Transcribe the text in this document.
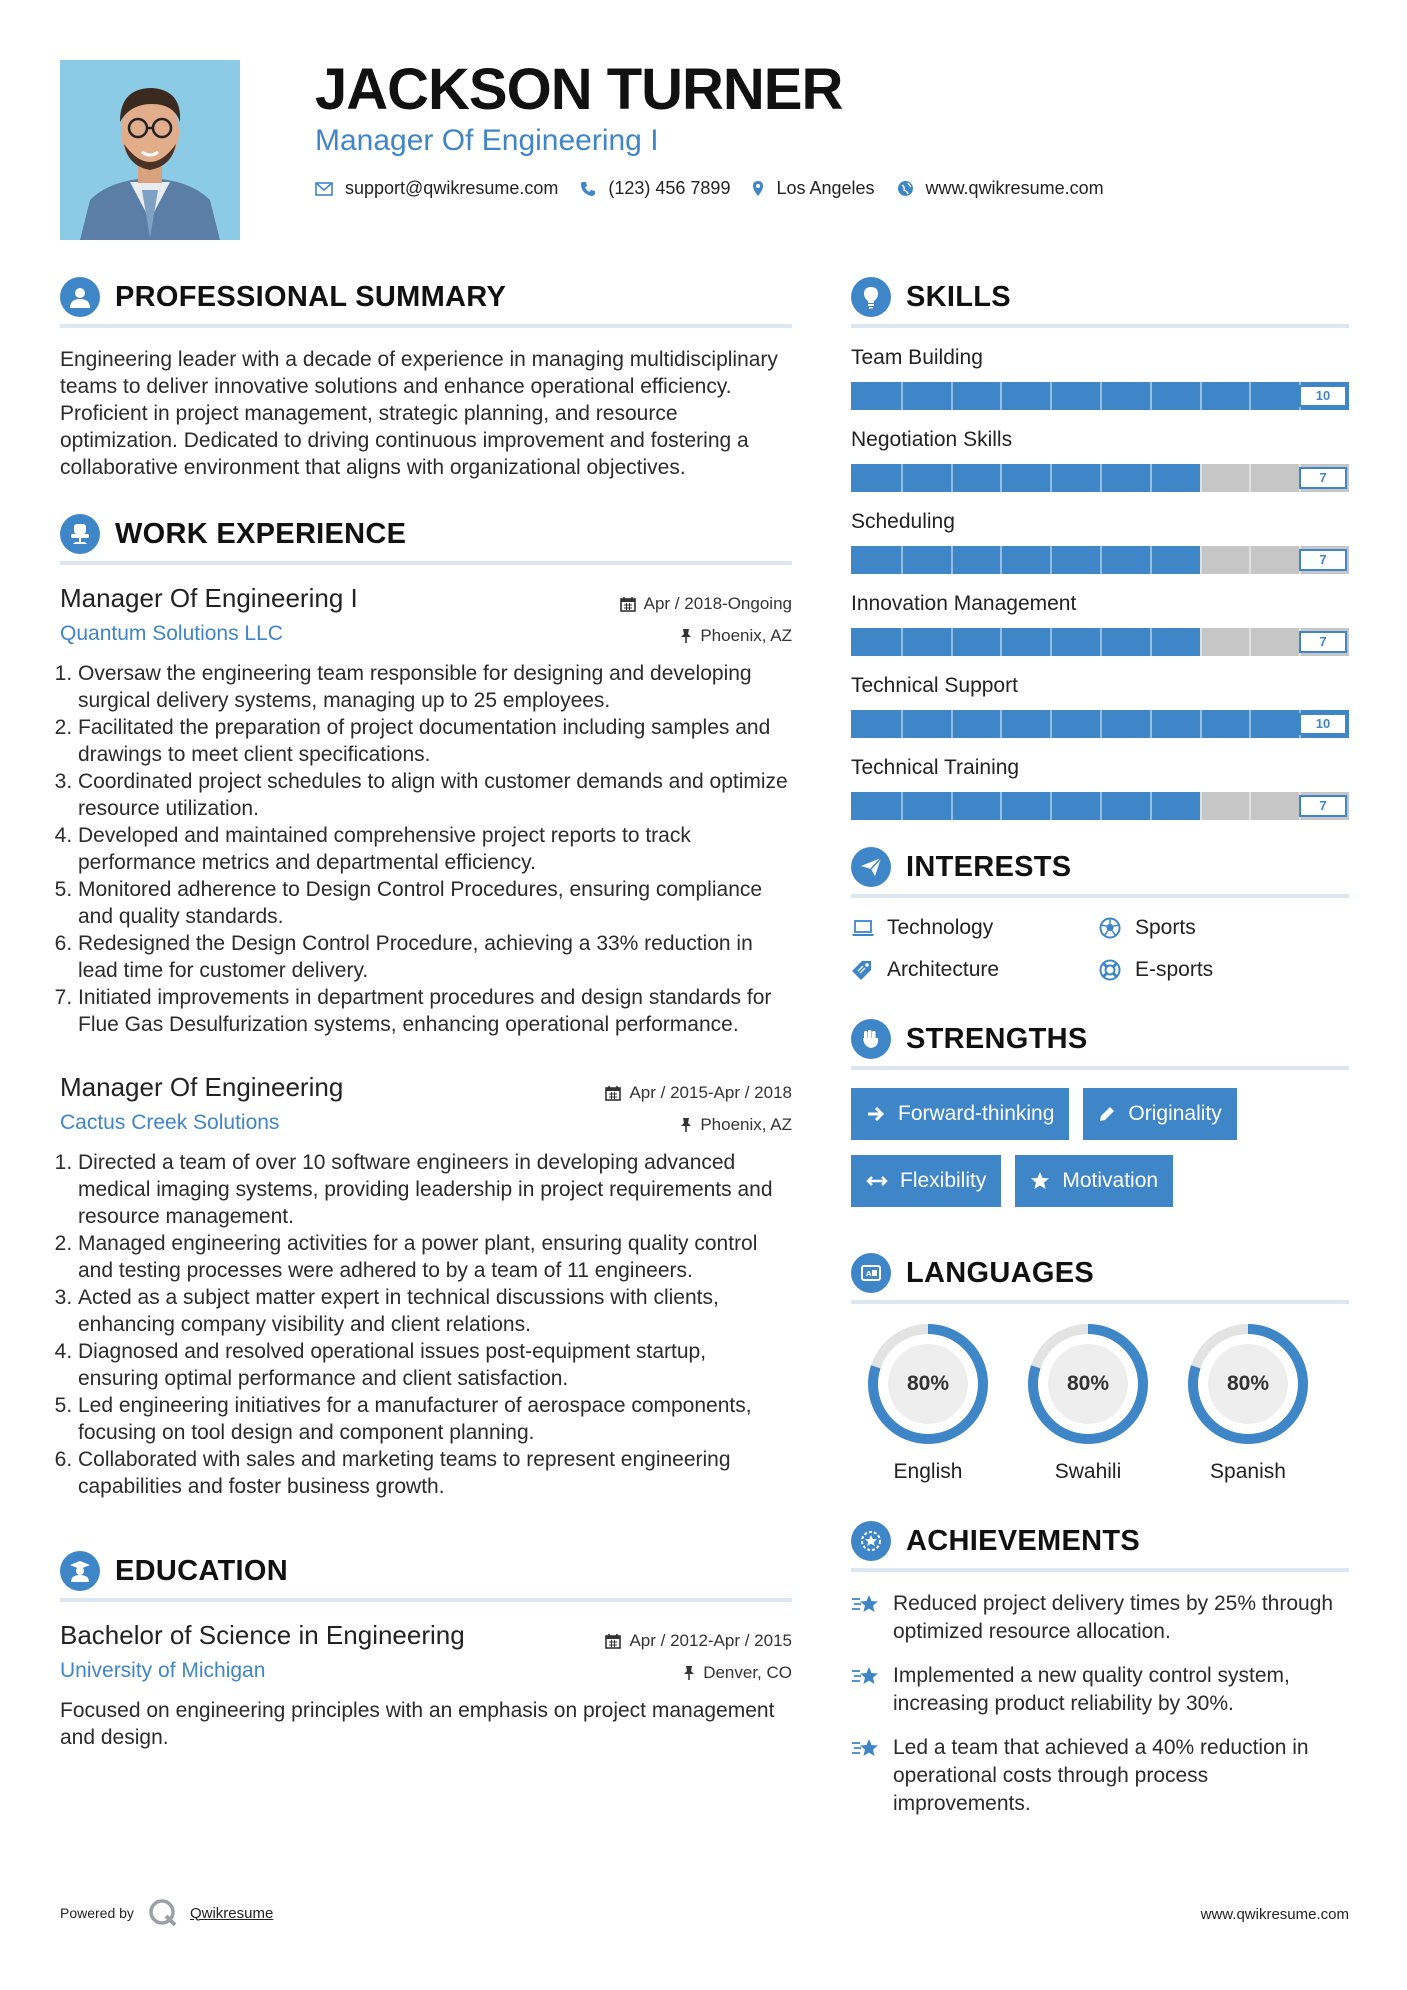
JACKSON TURNER
Manager Of Engineering I
support@qwikresume.com	(123) 456 7899	Los Angeles	www.qwikresume.com
PROFESSIONAL SUMMARY

Engineering leader with a decade of experience in managing multidisciplinary teams to deliver innovative solutions and enhance operational efficiency. Proficient in project management, strategic planning, and resource optimization. Dedicated to driving continuous improvement and fostering a collaborative environment that aligns with organizational objectives.

WORK EXPERIENCE
Manager Of Engineering I	Apr / 2018-Ongoing
Quantum Solutions LLC	Phoenix, AZ
1. Oversaw the engineering team responsible for designing and developing surgical delivery systems, managing up to 25 employees.
2. Facilitated the preparation of project documentation including samples and drawings to meet client specifications.
3. Coordinated project schedules to align with customer demands and optimize resource utilization.
4. Developed and maintained comprehensive project reports to track performance metrics and departmental efficiency.
5. Monitored adherence to Design Control Procedures, ensuring compliance and quality standards.
6. Redesigned the Design Control Procedure, achieving a 33% reduction in lead time for customer delivery.
7. Initiated improvements in department procedures and design standards for Flue Gas Desulfurization systems, enhancing operational performance.
Manager Of Engineering	Apr / 2015-Apr / 2018
Cactus Creek Solutions	Phoenix, AZ
1. Directed a team of over 10 software engineers in developing advanced medical imaging systems, providing leadership in project requirements and resource management.
2. Managed engineering activities for a power plant, ensuring quality control and testing processes were adhered to by a team of 11 engineers.
3. Acted as a subject matter expert in technical discussions with clients, enhancing company visibility and client relations.
4. Diagnosed and resolved operational issues post-equipment startup, ensuring optimal performance and client satisfaction.
5. Led engineering initiatives for a manufacturer of aerospace components, focusing on tool design and component planning.
6. Collaborated with sales and marketing teams to represent engineering capabilities and foster business growth.
EDUCATION
Bachelor of Science in Engineering	Apr / 2012-Apr / 2015
University of Michigan	Denver, CO
Focused on engineering principles with an emphasis on project management and design.
SKILLS
Team Building
10
Negotiation Skills
7
Scheduling
7
Innovation Management
7
Technical Support
10
Technical Training
7
INTERESTS
Technology	Sports
Architecture	E-sports
STRENGTHS
Forward-thinking	Originality
Flexibility	Motivation
A LANGUAGES
80%
English
80%
Swahili
80%
Spanish
ACHIEVEMENTS
Reduced project delivery times by 25% through optimized resource allocation.
Implemented a new quality control system, increasing product reliability by 30%.
Led a team that achieved a 40% reduction in operational costs through process improvements.
Powered by	Qwikresume	www.qwikresume.com
